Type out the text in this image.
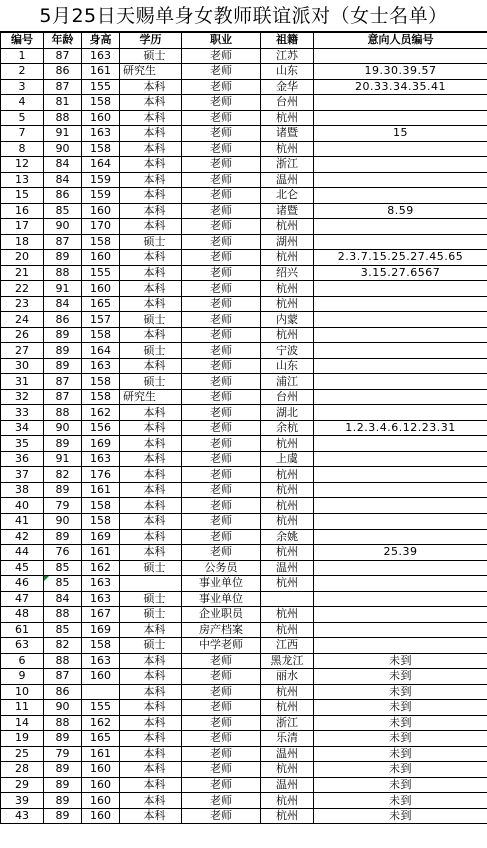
5月25日天赐单身女教师联谊派对（女士名单）
编号	年龄	身高	学历	职业	祖籍	意向人员编号
1	87	163	硕士	老师	江苏	
2	86	161	研究生	老师	山东	19.30.39.57
3	87	155	本科	老师	金华	20.33.34.35.41
4	81	158	本科	老师	台州	
5	88	160	本科	老师	杭州	
7	91	163	本科	老师	诸暨	15
8	90	158	本科	老师	杭州	
12	84	164	本科	老师	浙江	
13	84	159	本科	老师	温州	
15	86	159	本科	老师	北仑	
16	85	160	本科	老师	诸暨	8.59
17	90	170	本科	老师	杭州	
18	87	158	硕士	老师	湖州	
20	89	160	本科	老师	杭州	2.3.7.15.25.27.45.65
21	88	155	本科	老师	绍兴	3.15.27.6567
22	91	160	本科	老师	杭州	
23	84	165	本科	老师	杭州	
24	86	157	硕士	老师	内蒙	
26	89	158	本科	老师	杭州	
27	89	164	硕士	老师	宁波	
30	89	163	本科	老师	山东	
31	87	158	硕士	老师	浦江	
32	87	158	研究生	老师	台州	
33	88	162	本科	老师	湖北	
34	90	156	本科	老师	余杭	1.2.3.4.6.12.23.31
35	89	169	本科	老师	杭州	
36	91	163	本科	老师	上虞	
37	82	176	本科	老师	杭州	
38	89	161	本科	老师	杭州	
40	79	158	本科	老师	杭州	
41	90	158	本科	老师	杭州	
42	89	169	本科	老师	余姚	
44	76	161	本科	老师	杭州	25.39
45	85	162	硕士	公务员	温州	
46	85	163		事业单位	杭州	
47	84	163	硕士	事业单位		
48	88	167	硕士	企业职员	杭州	
61	85	169	本科	房产档案	杭州	
63	82	158	硕士	中学老师	江西	
6	88	163	本科	老师	黑龙江	未到
9	87	160	本科	老师	丽水	未到
10	86		本科	老师	杭州	未到
11	90	155	本科	老师	杭州	未到
14	88	162	本科	老师	浙江	未到
19	89	165	本科	老师	乐清	未到
25	79	161	本科	老师	温州	未到
28	89	160	本科	老师	杭州	未到
29	89	160	本科	老师	温州	未到
39	89	160	本科	老师	杭州	未到
43	89	160	本科	老师	杭州	未到
